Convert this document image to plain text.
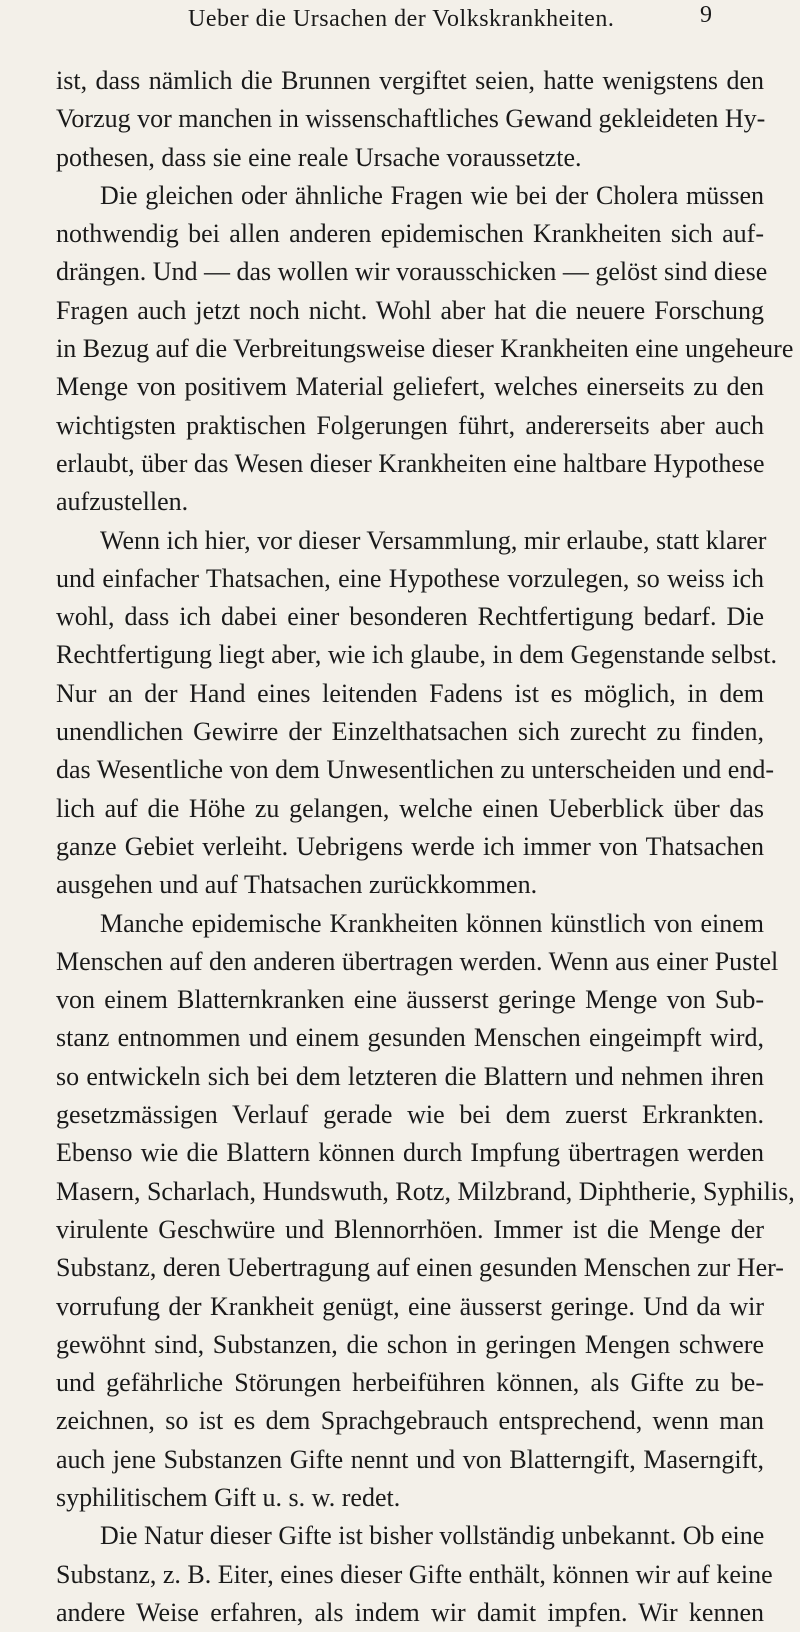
Ueber die Ursachen der Volkskrankheiten.	9
ist, dass nämlich die Brunnen vergiftet seien, hatte wenigstens den
Vorzug vor manchen in wissenschaftliches Gewand gekleideten Hy-
pothesen, dass sie eine reale Ursache voraussetzte.
Die gleichen oder ähnliche Fragen wie bei der Cholera müssen
nothwendig bei allen anderen epidemischen Krankheiten sich auf-
drängen. Und — das wollen wir vorausschicken — gelöst sind diese
Fragen auch jetzt noch nicht. Wohl aber hat die neuere Forschung
in Bezug auf die Verbreitungsweise dieser Krankheiten eine ungeheure
Menge von positivem Material geliefert, welches einerseits zu den
wichtigsten praktischen Folgerungen führt, andererseits aber auch
erlaubt, über das Wesen dieser Krankheiten eine haltbare Hypothese
aufzustellen.
Wenn ich hier, vor dieser Versammlung, mir erlaube, statt klarer
und einfacher Thatsachen, eine Hypothese vorzulegen, so weiss ich
wohl, dass ich dabei einer besonderen Rechtfertigung bedarf. Die
Rechtfertigung liegt aber, wie ich glaube, in dem Gegenstande selbst.
Nur an der Hand eines leitenden Fadens ist es möglich, in dem
unendlichen Gewirre der Einzelthatsachen sich zurecht zu finden,
das Wesentliche von dem Unwesentlichen zu unterscheiden und end-
lich auf die Höhe zu gelangen, welche einen Ueberblick über das
ganze Gebiet verleiht. Uebrigens werde ich immer von Thatsachen
ausgehen und auf Thatsachen zurückkommen.
Manche epidemische Krankheiten können künstlich von einem
Menschen auf den anderen übertragen werden. Wenn aus einer Pustel
von einem Blatternkranken eine äusserst geringe Menge von Sub-
stanz entnommen und einem gesunden Menschen eingeimpft wird,
so entwickeln sich bei dem letzteren die Blattern und nehmen ihren
gesetzmässigen Verlauf gerade wie bei dem zuerst Erkrankten.
Ebenso wie die Blattern können durch Impfung übertragen werden
Masern, Scharlach, Hundswuth, Rotz, Milzbrand, Diphtherie, Syphilis,
virulente Geschwüre und Blennorrhöen. Immer ist die Menge der
Substanz, deren Uebertragung auf einen gesunden Menschen zur Her-
vorrufung der Krankheit genügt, eine äusserst geringe. Und da wir
gewöhnt sind, Substanzen, die schon in geringen Mengen schwere
und gefährliche Störungen herbeiführen können, als Gifte zu be-
zeichnen, so ist es dem Sprachgebrauch entsprechend, wenn man
auch jene Substanzen Gifte nennt und von Blatterngift, Maserngift,
syphilitischem Gift u. s. w. redet.
Die Natur dieser Gifte ist bisher vollständig unbekannt. Ob eine
Substanz, z. B. Eiter, eines dieser Gifte enthält, können wir auf keine
andere Weise erfahren, als indem wir damit impfen. Wir kennen
